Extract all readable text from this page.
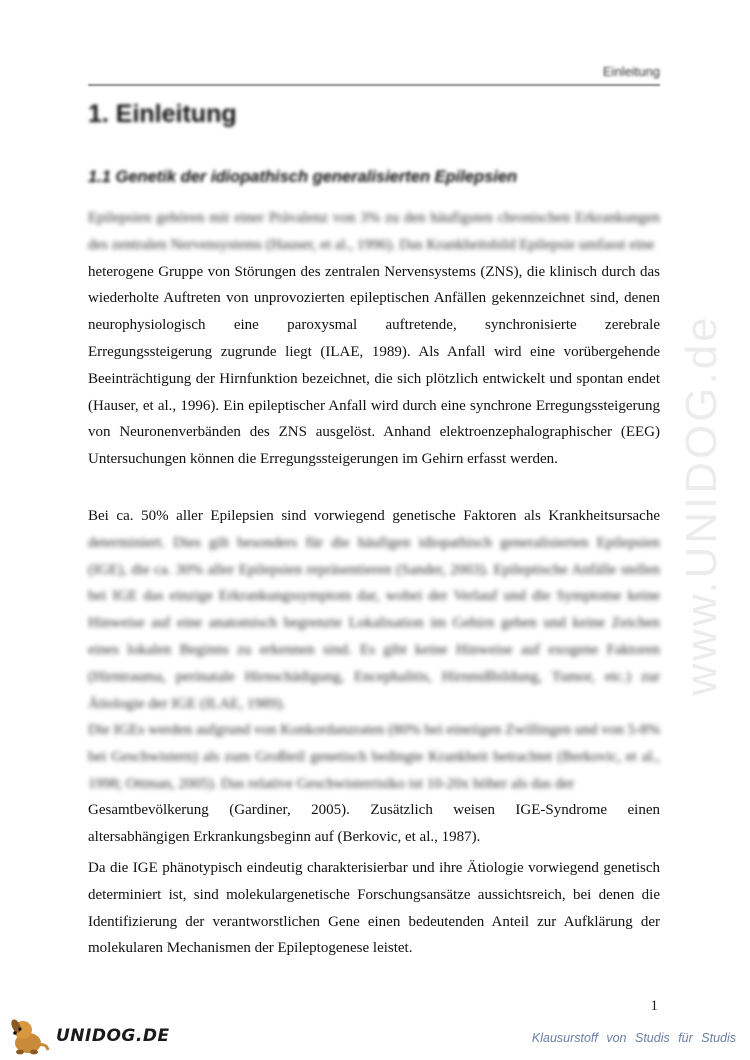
Einleitung
1. Einleitung
1.1 Genetik der idiopathisch generalisierten Epilepsien

Epilepsien gehören mit einer Prävalenz von 3% zu den häufigsten chronischen Erkrankungen des zentralen Nervensystems (Hauser, et al., 1996). Das Krankheitsbild Epilepsie umfasst eine
heterogene Gruppe von Störungen des zentralen Nervensystems (ZNS), die klinisch durch das wiederholte Auftreten von unprovozierten epileptischen Anfällen gekennzeichnet sind, denen neurophysiologisch eine paroxysmal auftretende, synchronisierte zerebrale Erregungssteigerung zugrunde liegt (ILAE, 1989). Als Anfall wird eine vorübergehende Beeinträchtigung der Hirnfunktion bezeichnet, die sich plötzlich entwickelt und spontan endet (Hauser, et al., 1996). Ein epileptischer Anfall wird durch eine synchrone Erregungssteigerung von Neuronenverbänden des ZNS ausgelöst. Anhand elektroenzephalographischer (EEG) Untersuchungen können die Erregungssteigerungen im Gehirn erfasst werden.

Bei ca. 50% aller Epilepsien sind vorwiegend genetische Faktoren als Krankheitsursache determiniert. Dies gilt besonders für die häufigen idiopathisch generalisierten Epilepsien (IGE), die ca. 30% aller Epilepsien repräsentieren (Sander, 2003). Epileptische Anfälle stellen bei IGE das einzige Erkrankungssymptom dar, wobei der Verlauf und die Symptome keine Hinweise auf eine anatomisch begrenzte Lokalisation im Gehirn geben und keine Zeichen eines lokalen Beginns zu erkennen sind. Es gibt keine Hinweise auf exogene Faktoren (Hirntrauma, perinatale Hirnschädigung, Encephalitis, Hirnmißbildung, Tumor, etc.) zur Ätiologie der IGE (ILAE, 1989).

Die IGEs werden aufgrund von Konkordanzraten (80% bei eineiigen Zwillingen und von 5-8% bei Geschwistern) als zum Großteil genetisch bedingte Krankheit betrachtet (Berkovic, et al., 1998; Ottman, 2005). Das relative Geschwisterrisiko ist 10-20x höher als das der
Gesamtbevölkerung (Gardiner, 2005). Zusätzlich weisen IGE-Syndrome einen altersabhängigen Erkrankungsbeginn auf (Berkovic, et al., 1987).

Da die IGE phänotypisch eindeutig charakterisierbar und ihre Ätiologie vorwiegend genetisch determiniert ist, sind molekulargenetische Forschungsansätze aussichtsreich, bei denen die Identifizierung der verantworstlichen Gene einen bedeutenden Anteil zur Aufklärung der molekularen Mechanismen der Epileptogenese leistet.

1
UNIDOG.DE	Klausurstoff von Studis für Studis
www.UNIDOG.de
